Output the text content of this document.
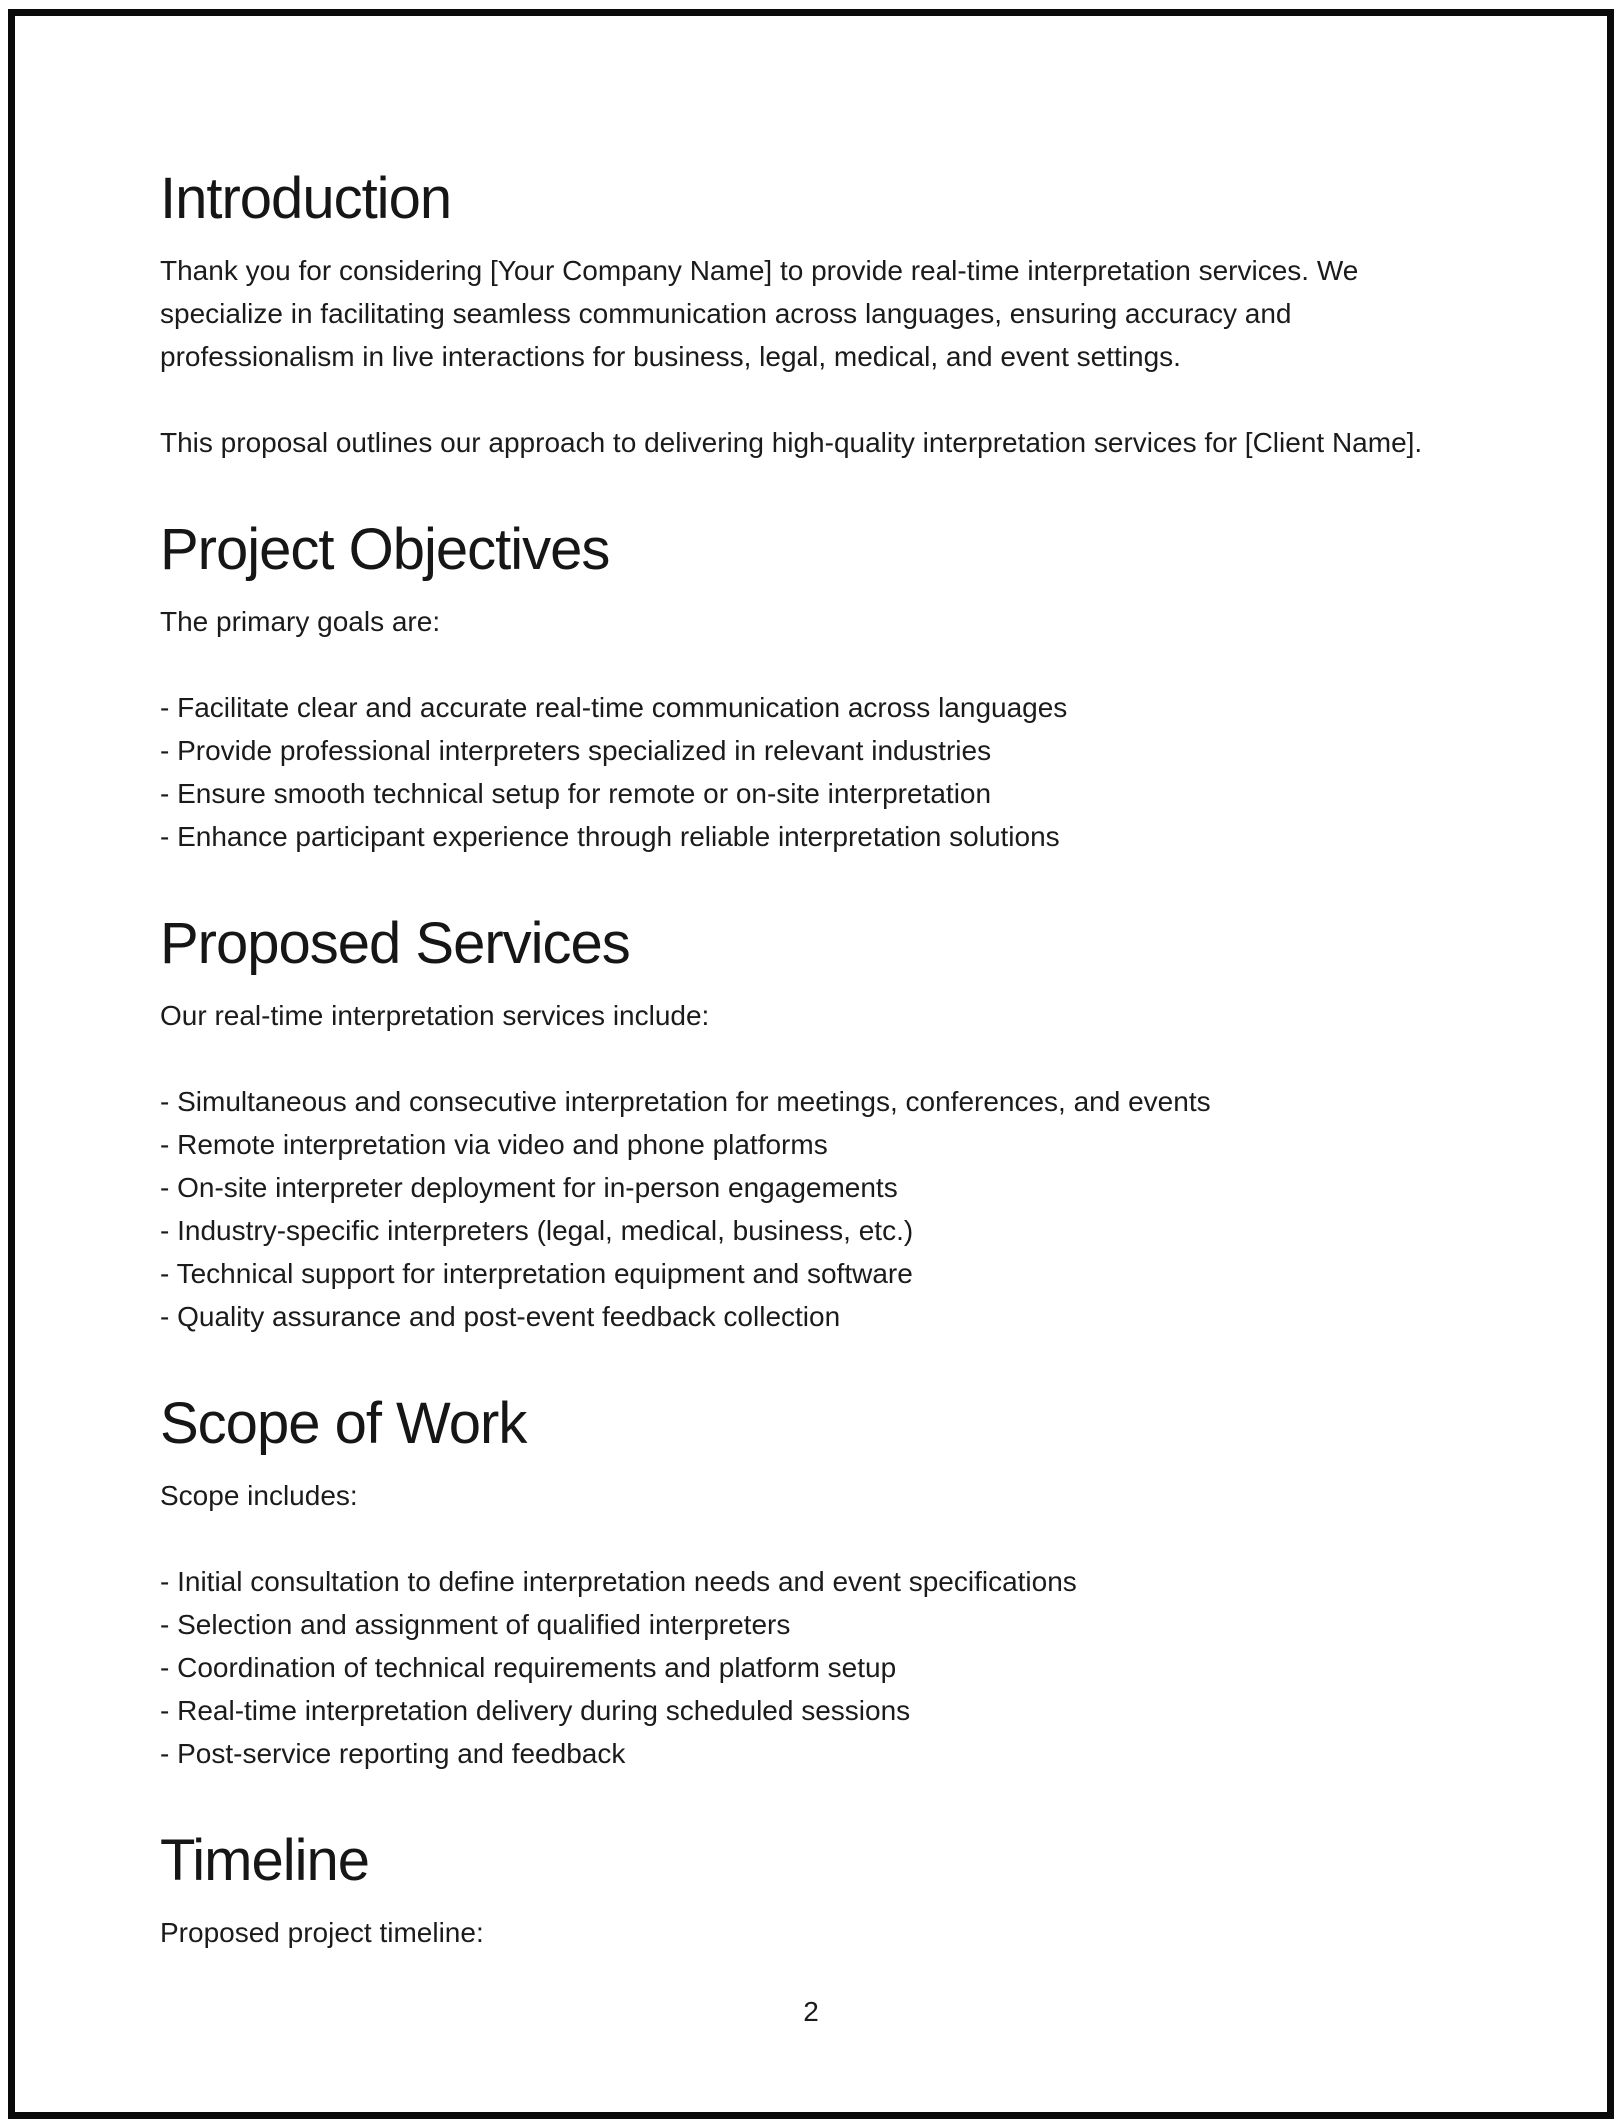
Introduction

Thank you for considering [Your Company Name] to provide real-time interpretation services. We
specialize in facilitating seamless communication across languages, ensuring accuracy and
professionalism in live interactions for business, legal, medical, and event settings.

This proposal outlines our approach to delivering high-quality interpretation services for [Client Name].

Project Objectives

The primary goals are:

- Facilitate clear and accurate real-time communication across languages

- Provide professional interpreters specialized in relevant industries

- Ensure smooth technical setup for remote or on-site interpretation

- Enhance participant experience through reliable interpretation solutions

Proposed Services

Our real-time interpretation services include:

- Simultaneous and consecutive interpretation for meetings, conferences, and events

- Remote interpretation via video and phone platforms

- On-site interpreter deployment for in-person engagements

- Industry-specific interpreters (legal, medical, business, etc.)

- Technical support for interpretation equipment and software

- Quality assurance and post-event feedback collection

Scope of Work

Scope includes:

- Initial consultation to define interpretation needs and event specifications

- Selection and assignment of qualified interpreters

- Coordination of technical requirements and platform setup

- Real-time interpretation delivery during scheduled sessions

- Post-service reporting and feedback

Timeline

Proposed project timeline:

2
